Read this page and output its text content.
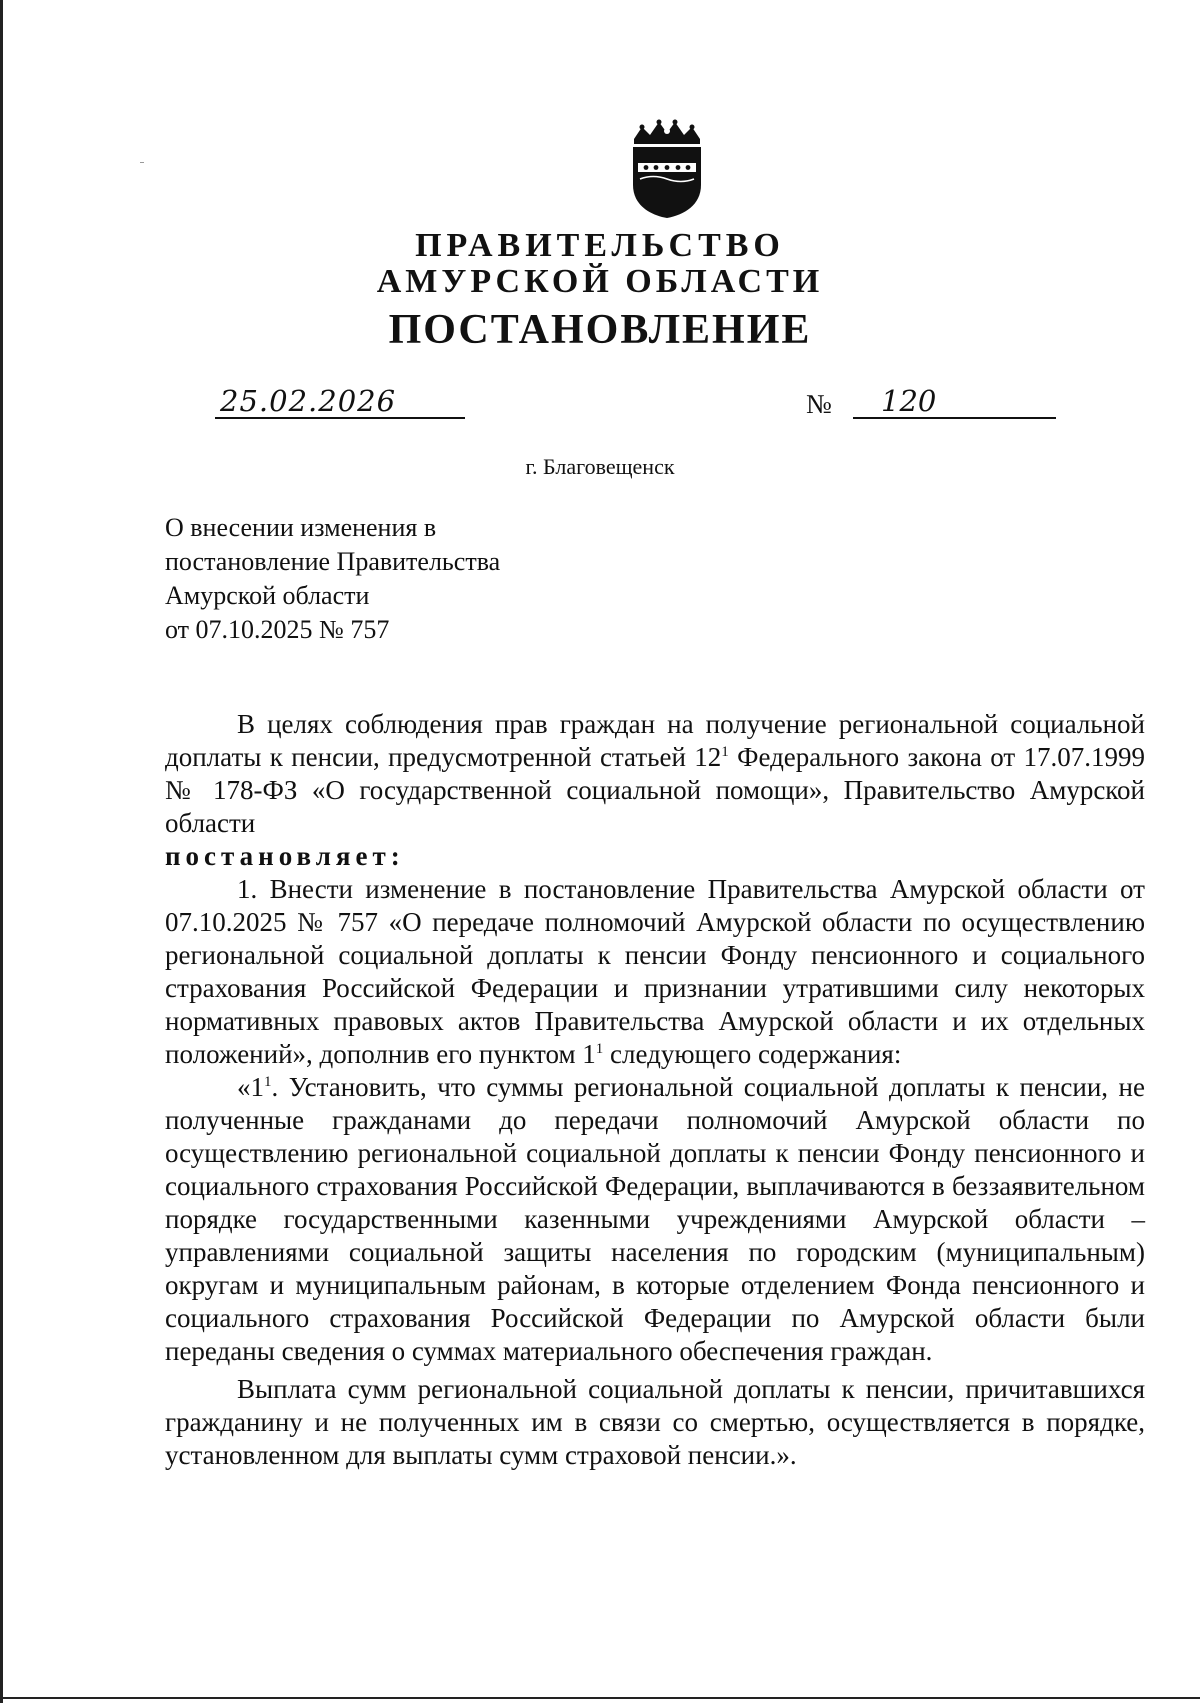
ПРАВИТЕЛЬСТВО
АМУРСКОЙ ОБЛАСТИ
ПОСТАНОВЛЕНИЕ
25.02.2026	№	120
г. Благовещенск
О внесении изменения в
постановление Правительства
Амурской области
от 07.10.2025 № 757

В целях соблюдения прав граждан на получение региональной социальной доплаты к пенсии, предусмотренной статьей $12^1$ Федерального закона от 17.07.1999 № 178-ФЗ «О государственной социальной помощи», Правительство Амурской области

постановляет:

1. Внести изменение в постановление Правительства Амурской области от 07.10.2025 № 757 «О передаче полномочий Амурской области по осуществлению региональной социальной доплаты к пенсии Фонду пенсионного и социального страхования Российской Федерации и признании утратившими силу некоторых нормативных правовых актов Правительства Амурской области и их отдельных положений», дополнив его пунктом $1^1$ следующего содержания:

«$1^1$. Установить, что суммы региональной социальной доплаты к пенсии, не полученные гражданами до передачи полномочий Амурской области по осуществлению региональной социальной доплаты к пенсии Фонду пенсионного и социального страхования Российской Федерации, выплачиваются в беззаявительном порядке государственными казенными учреждениями Амурской области – управлениями социальной защиты населения по городским (муниципальным) округам и муниципальным районам, в которые отделением Фонда пенсионного и социального страхования Российской Федерации по Амурской области были переданы сведения о суммах материального обеспечения граждан.

Выплата сумм региональной социальной доплаты к пенсии, причитавшихся гражданину и не полученных им в связи со смертью, осуществляется в порядке, установленном для выплаты сумм страховой пенсии.».
